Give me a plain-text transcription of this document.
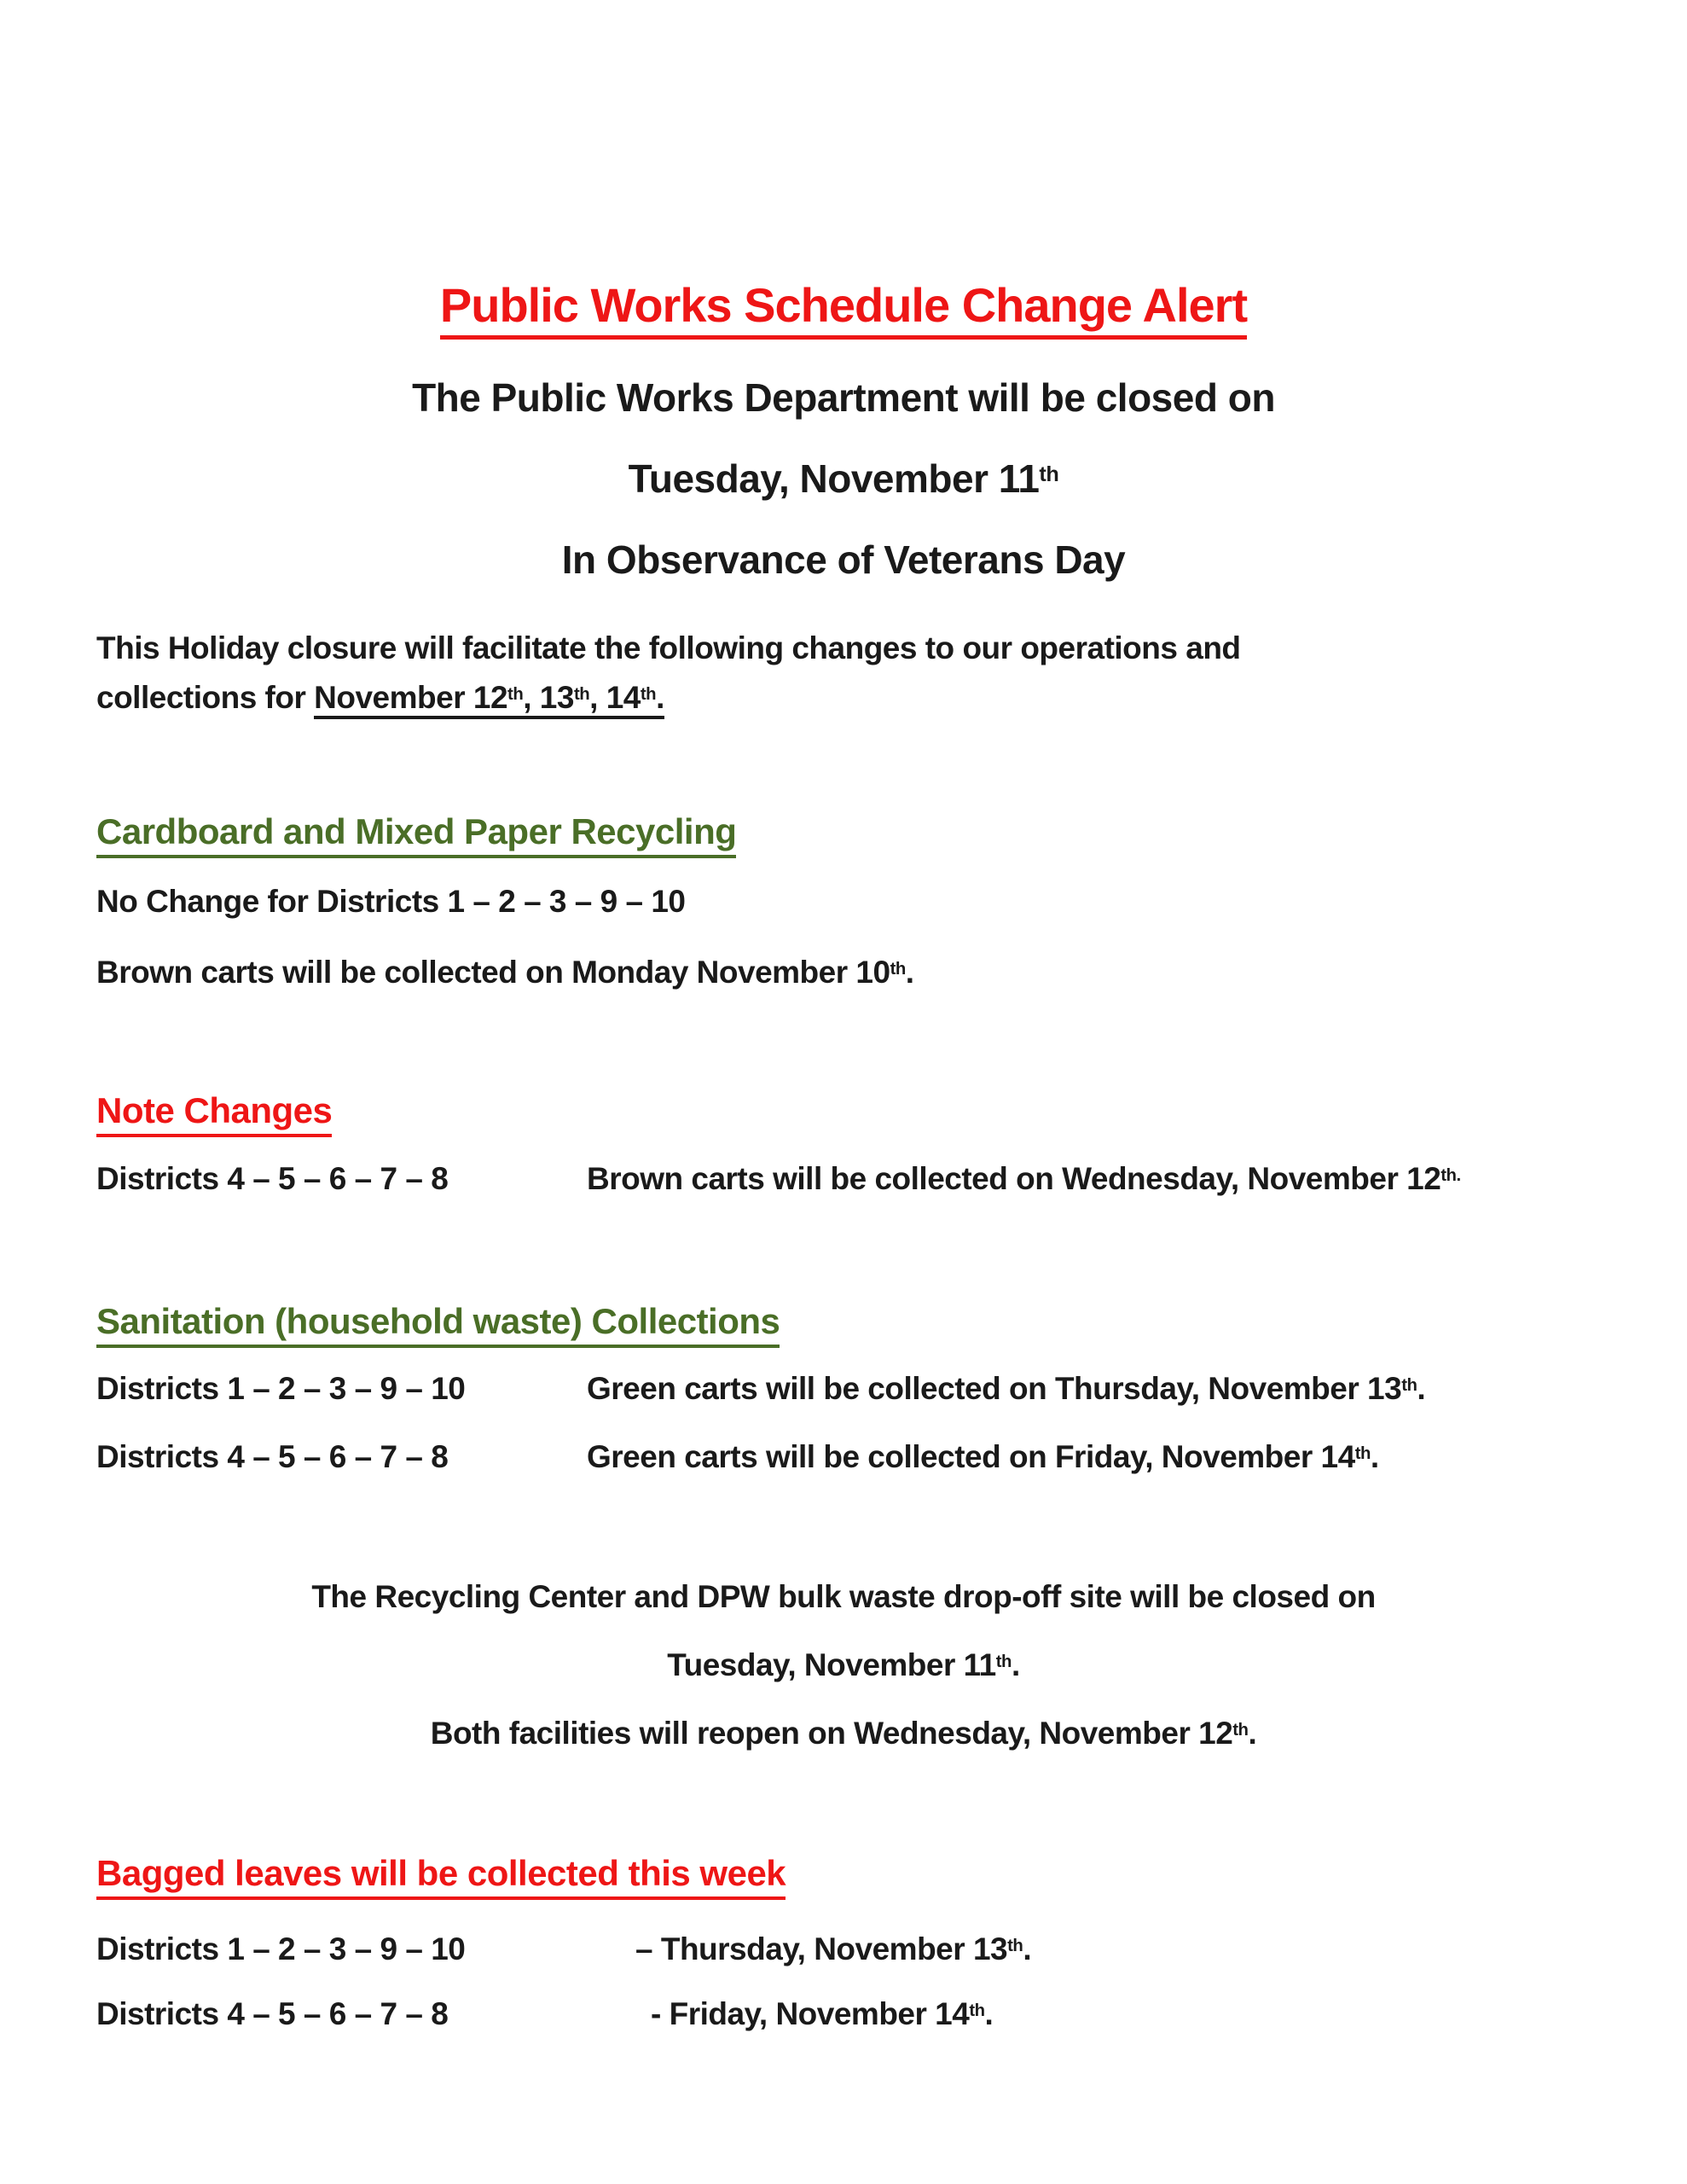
Public Works Schedule Change Alert
The Public Works Department will be closed on
Tuesday, November 11th
In Observance of Veterans Day
This Holiday closure will facilitate the following changes to our operations and
collections for November 12th, 13th, 14th.
Cardboard and Mixed Paper Recycling
No Change for Districts 1 – 2 – 3 – 9 – 10
Brown carts will be collected on Monday November 10th.
Note Changes
Districts 4 – 5 – 6 – 7 – 8	Brown carts will be collected on Wednesday, November $12^{th.}$
Sanitation (household waste) Collections
Districts 1 – 2 – 3 – 9 – 10	Green carts will be collected on Thursday, November 13th.
Districts 4 – 5 – 6 – 7 – 8	Green carts will be collected on Friday, November 14th.
The Recycling Center and DPW bulk waste drop-off site will be closed on
Tuesday, November 11th.
Both facilities will reopen on Wednesday, November 12th.
Bagged leaves will be collected this week
Districts 1 – 2 – 3 – 9 – 10	– Thursday, November 13th.
Districts 4 – 5 – 6 – 7 – 8	- Friday, November 14th.
